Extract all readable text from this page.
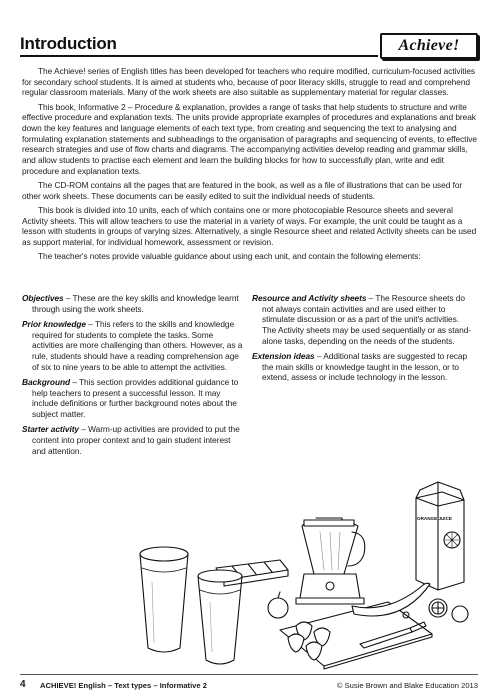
Introduction	Achieve!

The Achieve! series of English titles has been developed for teachers who require modified, curriculum-focused activities for secondary school students. It is aimed at students who, because of poor literacy skills, struggle to read and comprehend regular classroom materials. Many of the work sheets are also suitable as supplementary material for regular classes.

This book, Informative 2 – Procedure & explanation, provides a range of tasks that help students to structure and write effective procedure and explanation texts. The units provide appropriate examples of procedures and explanations and break down the key features and language elements of each text type, from creating and sequencing the text to analysing and formulating explanation statements and subheadings to the organisation of paragraphs and sequencing of events, to effective research strategies and use of flow charts and diagrams. The accompanying activities develop reading and grammar skills, and allow students to practise each element and learn the building blocks for how to successfully plan, write and edit procedure and explanation texts.

The CD-ROM contains all the pages that are featured in the book, as well as a file of illustrations that can be used for other work sheets. These documents can be easily edited to suit the individual needs of students.

This book is divided into 10 units, each of which contains one or more photocopiable Resource sheets and several Activity sheets. This will allow teachers to use the material in a variety of ways. For example, the unit could be taught as a lesson with students in groups of varying sizes. Alternatively, a single Resource sheet and related Activity sheets can be used as support material, for individual homework, assessment or revision.

The teacher's notes provide valuable guidance about using each unit, and contain the following elements:

Objectives – These are the key skills and knowledge learnt through using the work sheets.
Prior knowledge – This refers to the skills and knowledge required for students to complete the tasks. Some activities are more challenging than others. However, as a rule, students should have a reading comprehension age of six to nine years to be able to attempt the activities.
Background – This section provides additional guidance to help teachers to present a successful lesson. It may include definitions or further background notes about the subject matter.
Starter activity – Warm-up activities are provided to put the content into proper context and to gain student interest and attention.
Resource and Activity sheets – The Resource sheets do not always contain activities and are used either to stimulate discussion or as a part of the unit's activities. The Activity sheets may be used sequentially or as stand-alone tasks, depending on the needs of the students.
Extension ideas – Additional tasks are suggested to recap the main skills or knowledge taught in the lesson, or to extend, assess or include technology in the lesson.
ORANGE JUICE
4 ACHIEVE! English – Text types – Informative 2	© Susie Brown and Blake Education 2013
